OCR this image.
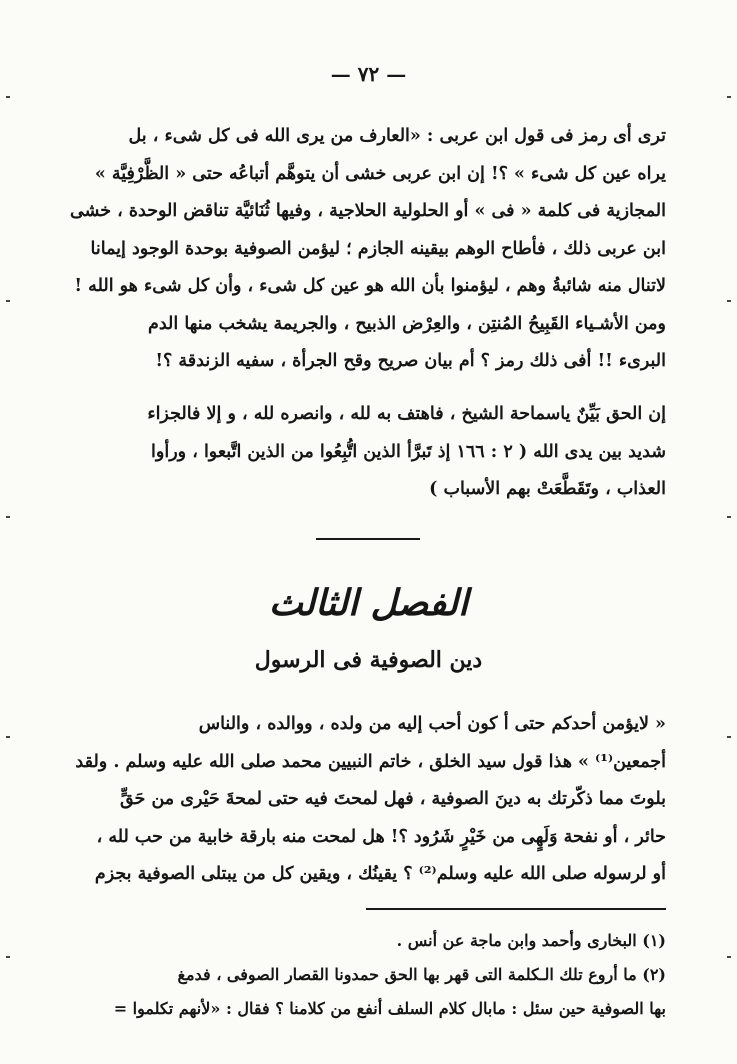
— ٧٢ —
ترى أى رمز فى قول ابن عربى : «العارف من يرى الله فى كل شىء ، بل
يراه عين كل شىء » ؟! إن ابن عربى خشى أن يتوهَّم أتباعُه حتى « الظَّرْفِيَّة »
المجازية فى كلمة « فى » أو الحلولية الحلاجية ، وفيها ثُنَائيَّة تناقض الوحدة ، خشى
ابن عربى ذلك ، فأطاح الوهم بيقينه الجازم ؛ ليؤمن الصوفية بوحدة الوجود إيمانا
لاتنال منه شائبةُ وهم ، ليؤمنوا بأن الله هو عين كل شىء ، وأن كل شىء هو الله !
ومن الأشـياء القَبِيحُ المُنتِن ، والعِرْض الذبيح ، والجريمة يشخب منها الدم
البرىء !! أفى ذلك رمز ؟ أم بيان صريح وقح الجرأة ، سفيه الزندقة ؟!
إن الحق بَيِّنٌ ياسماحة الشيخ ، فاهتف به لله ، وانصره لله ، و إلا فالجزاء
شديد بين يدى الله ( ٢ : ١٦٦ إذ تَبرَّأ الذين اتُّبِعُوا من الذين اتَّبعوا ، ورأوا
العذاب ، وتَقَطَّعَتْ بهم الأسباب )
الفصل الثالث
دين الصوفية فى الرسول
« لايؤمن أحدكم حتى أ كون أحب إليه من ولده ، ووالده ، والناس
أجمعين⁽¹⁾ » هذا قول سيد الخلق ، خاتم النبيين محمد صلى الله عليه وسلم . ولقد
بلوتَ مما ذكّرتك به دينَ الصوفية ، فهل لمحتَ فيه حتى لمحةَ حَيْرى من حَقٍّ
حائر ، أو نفحة وَلَهٍى من خَيْرٍ شَرُود ؟! هل لمحت منه بارقة خابية من حب لله ،
أو لرسوله صلى الله عليه وسلم⁽²⁾ ؟ يقينُك ، ويقين كل من يبتلى الصوفية بجزم
(١) البخارى وأحمد وابن ماجة عن أنس .
(٢) ما أروع تلك الـكلمة التى قهر بها الحق حمدونا القصار الصوفى ، فدمغ
بها الصوفية حين سئل : مابال كلام السلف أنفع من كلامنا ؟ فقال : «لأنهم تكلموا =
